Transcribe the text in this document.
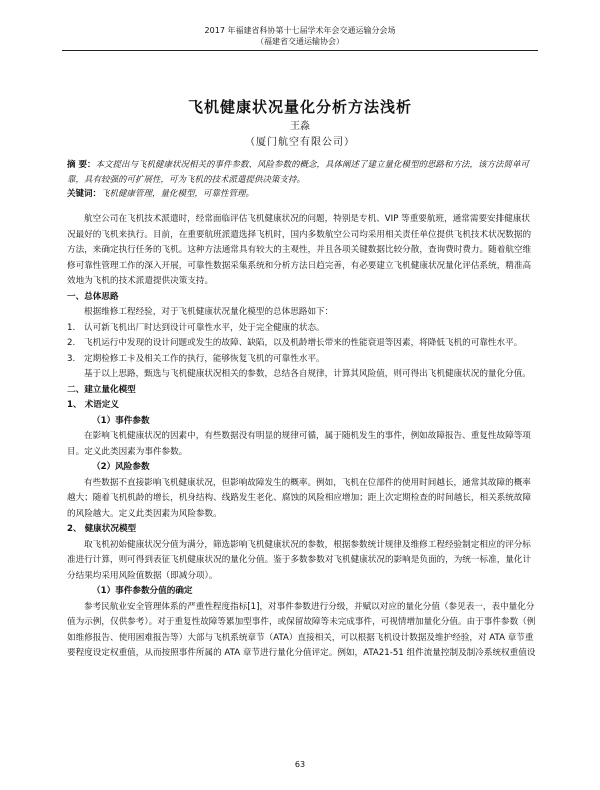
2017 年福建省科协第十七届学术年会交通运输分会场
（福建省交通运输协会）
飞机健康状况量化分析方法浅析
王淼
（厦门航空有限公司）
摘 要：本文提出与飞机健康状况相关的事件参数、风险参数的概念，具体阐述了建立量化模型的思路和方法，该方法简单可靠，具有较强的可扩展性，可为飞机的技术派遣提供决策支持。
关键词：飞机健康管理，量化模型，可靠性管理。

航空公司在飞机技术派遣时，经常面临评估飞机健康状况的问题，特别是专机、VIP 等重要航班，通常需要安排健康状况最好的飞机来执行。目前，在重要航班派遣选择飞机时，国内多数航空公司均采用相关责任单位提供飞机技术状况数据的方法，来确定执行任务的飞机。这种方法通常具有较大的主观性，并且各项关键数据比较分散，查询费时费力。随着航空维修可靠性管理工作的深入开展，可靠性数据采集系统和分析方法日趋完善，有必要建立飞机健康状况量化评估系统，精准高效地为飞机的技术派遣提供决策支持。

一、总体思路

根据维修工程经验，对于飞机健康状况量化模型的总体思路如下：

1. 认可新飞机出厂时达到设计可靠性水平，处于完全健康的状态。

2. 飞机运行中发现的设计问题或发生的故障、缺陷，以及机龄增长带来的性能衰退等因素，将降低飞机的可靠性水平。

3. 定期检修工卡及相关工作的执行，能够恢复飞机的可靠性水平。

基于以上思路，甄选与飞机健康状况相关的参数，总结各自规律，计算其风险值，则可得出飞机健康状况的量化分值。

二、建立量化模型

1、 术语定义

（1）事件参数

在影响飞机健康状况的因素中，有些数据没有明显的规律可循，属于随机发生的事件，例如故障报告、重复性故障等项目。定义此类因素为事件参数。

（2）风险参数

有些数据不直接影响飞机健康状况，但影响故障发生的概率。例如，飞机在位部件的使用时间越长，通常其故障的概率越大；随着飞机机龄的增长，机身结构、线路发生老化、腐蚀的风险相应增加；距上次定期检查的时间越长，相关系统故障的风险越大。定义此类因素为风险参数。

2、 健康状况模型

取飞机初始健康状况分值为满分，筛选影响飞机健康状况的参数，根据参数统计规律及维修工程经验制定相应的评分标准进行计算，则可得到表征飞机健康状况的量化分值。鉴于多数参数对飞机健康状况的影响是负面的，为统一标准，量化计分结果均采用风险值数据（即减分项）。

（1）事件参数分值的确定

参考民航业安全管理体系的严重性程度指标[1]，对事件参数进行分级，并赋以对应的量化分值（参见表一，表中量化分值为示例，仅供参考）。对于重复性故障等累加型事件，或保留故障等未完成事件，可视情增加量化分值。由于事件参数（例如维修报告、使用困难报告等）大部与飞机系统章节（ATA）直接相关，可以根据飞机设计数据及维护经验，对 ATA 章节重要程度设定权重值，从而按照事件所属的 ATA 章节进行量化分值评定。例如，ATA21-51 组件流量控制及制冷系统权重值设

63
